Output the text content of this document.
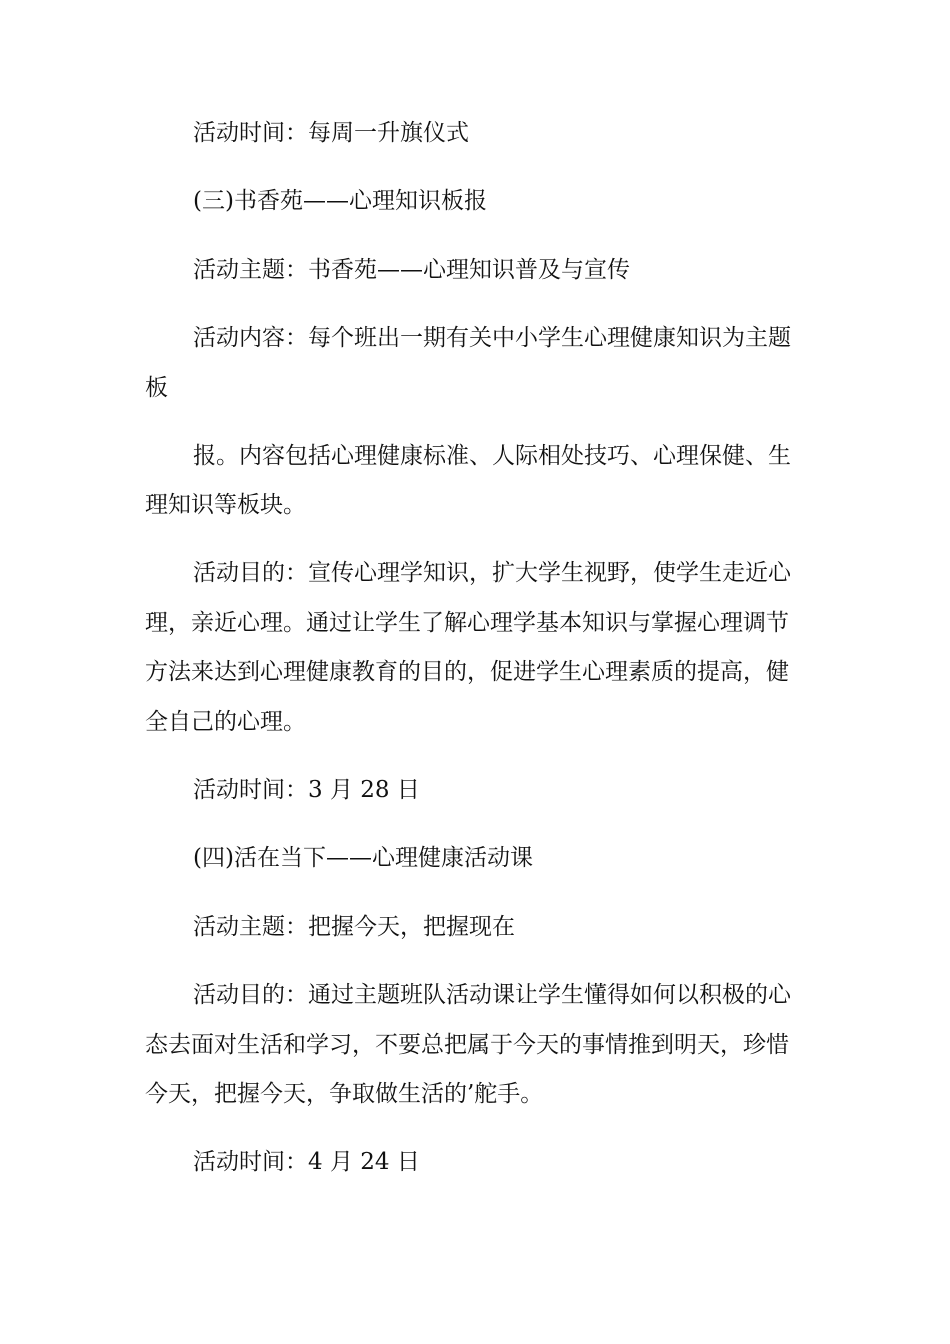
活动时间：每周一升旗仪式
(三)书香苑——心理知识板报
活动主题：书香苑——心理知识普及与宣传
活动内容：每个班出一期有关中小学生心理健康知识为主题
板
报。内容包括心理健康标准、人际相处技巧、心理保健、生
理知识等板块。
活动目的：宣传心理学知识，扩大学生视野，使学生走近心
理，亲近心理。通过让学生了解心理学基本知识与掌握心理调节
方法来达到心理健康教育的目的，促进学生心理素质的提高，健
全自己的心理。
活动时间：3 月 28 日
(四)活在当下——心理健康活动课
活动主题：把握今天，把握现在
活动目的：通过主题班队活动课让学生懂得如何以积极的心
态去面对生活和学习，不要总把属于今天的事情推到明天，珍惜
今天，把握今天，争取做生活的’舵手。
活动时间：4 月 24 日
